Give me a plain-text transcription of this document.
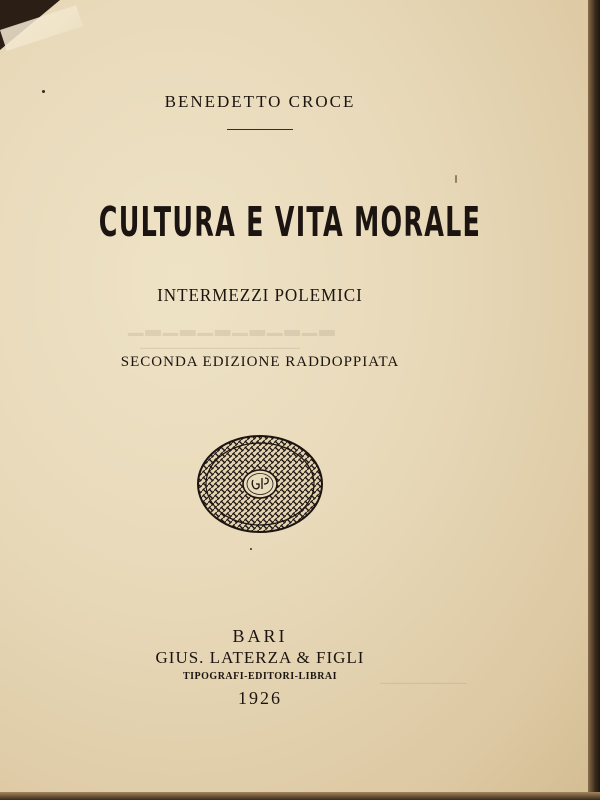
▁▂▁▂▁▂▁▂▁▂▁▂
▁▁▁▁▁▁▁▁▁▁▁▁▁▁▁▁▁▁▁▁▁▁▁▁▁▁
▁▁▁▁▁▁▁▁▁▁▁▁▁▁
BENEDETTO CROCE
CULTURA E VITA MORALE
INTERMEZZI POLEMICI
SECONDA EDIZIONE RADDOPPIATA
BARI
GIUS. LATERZA & FIGLI
TIPOGRAFI-EDITORI-LIBRAI
1926
